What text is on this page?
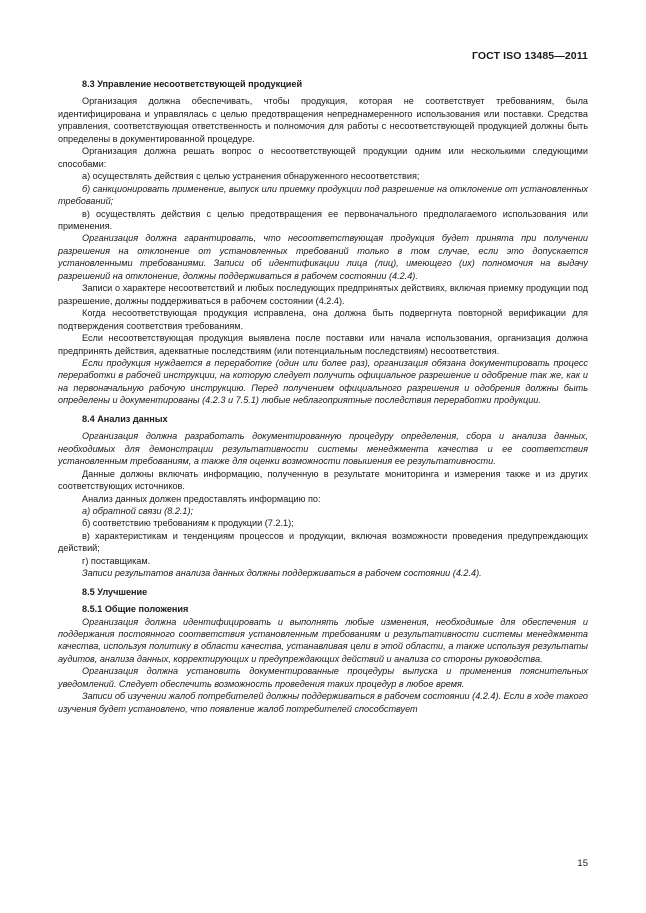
ГОСТ ISO 13485—2011

8.3 Управление несоответствующей продукцией

Организация должна обеспечивать, чтобы продукция, которая не соответствует требованиям, была идентифицирована и управлялась с целью предотвращения непреднамеренного использования или поставки. Средства управления, соответствующая ответственность и полномочия для работы с несоответствующей продукцией должны быть определены в документированной процедуре.

Организация должна решать вопрос о несоответствующей продукции одним или несколькими следующими способами:

а) осуществлять действия с целью устранения обнаруженного несоответствия;

б) санкционировать применение, выпуск или приемку продукции под разрешение на отклонение от установленных требований;

в) осуществлять действия с целью предотвращения ее первоначального предполагаемого использования или применения.

Организация должна гарантировать, что несоответствующая продукция будет принята при получении разрешения на отклонение от установленных требований только в том случае, если это допускается установленными требованиями. Записи об идентификации лица (лиц), имеющего (их) полномочия на выдачу разрешений на отклонение, должны поддерживаться в рабочем состоянии (4.2.4).

Записи о характере несоответствий и любых последующих предпринятых действиях, включая приемку продукции под разрешение, должны поддерживаться в рабочем состоянии (4.2.4).

Когда несоответствующая продукция исправлена, она должна быть подвергнута повторной верификации для подтверждения соответствия требованиям.

Если несоответствующая продукция выявлена после поставки или начала использования, организация должна предпринять действия, адекватные последствиям (или потенциальным последствиям) несоответствия.

Если продукция нуждается в переработке (один или более раз), организация обязана документировать процесс переработки в рабочей инструкции, на которую следует получить официальное разрешение и одобрение так же, как и на первоначальную рабочую инструкцию. Перед получением официального разрешения и одобрения должны быть определены и документированы (4.2.3 и 7.5.1) любые неблагоприятные последствия переработки продукции.

8.4 Анализ данных

Организация должна разработать документированную процедуру определения, сбора и анализа данных, необходимых для демонстрации результативности системы менеджмента качества и ее соответствия установленным требованиям, а также для оценки возможности повышения ее результативности.

Данные должны включать информацию, полученную в результате мониторинга и измерения также и из других соответствующих источников.

Анализ данных должен предоставлять информацию по:

а) обратной связи (8.2.1);

б) соответствию требованиям к продукции (7.2.1);

в) характеристикам и тенденциям процессов и продукции, включая возможности проведения предупреждающих действий;

г) поставщикам.

Записи результатов анализа данных должны поддерживаться в рабочем состоянии (4.2.4).

8.5 Улучшение

8.5.1 Общие положения

Организация должна идентифицировать и выполнять любые изменения, необходимые для обеспечения и поддержания постоянного соответствия установленным требованиям и результативности системы менеджмента качества, используя политику в области качества, устанавливая цели в этой области, а также используя результаты аудитов, анализа данных, корректирующих и предупреждающих действий и анализа со стороны руководства.

Организация должна установить документированные процедуры выпуска и применения пояснительных уведомлений. Следует обеспечить возможность проведения таких процедур в любое время.

Записи об изучении жалоб потребителей должны поддерживаться в рабочем состоянии (4.2.4). Если в ходе такого изучения будет установлено, что появление жалоб потребителей способствует

15
